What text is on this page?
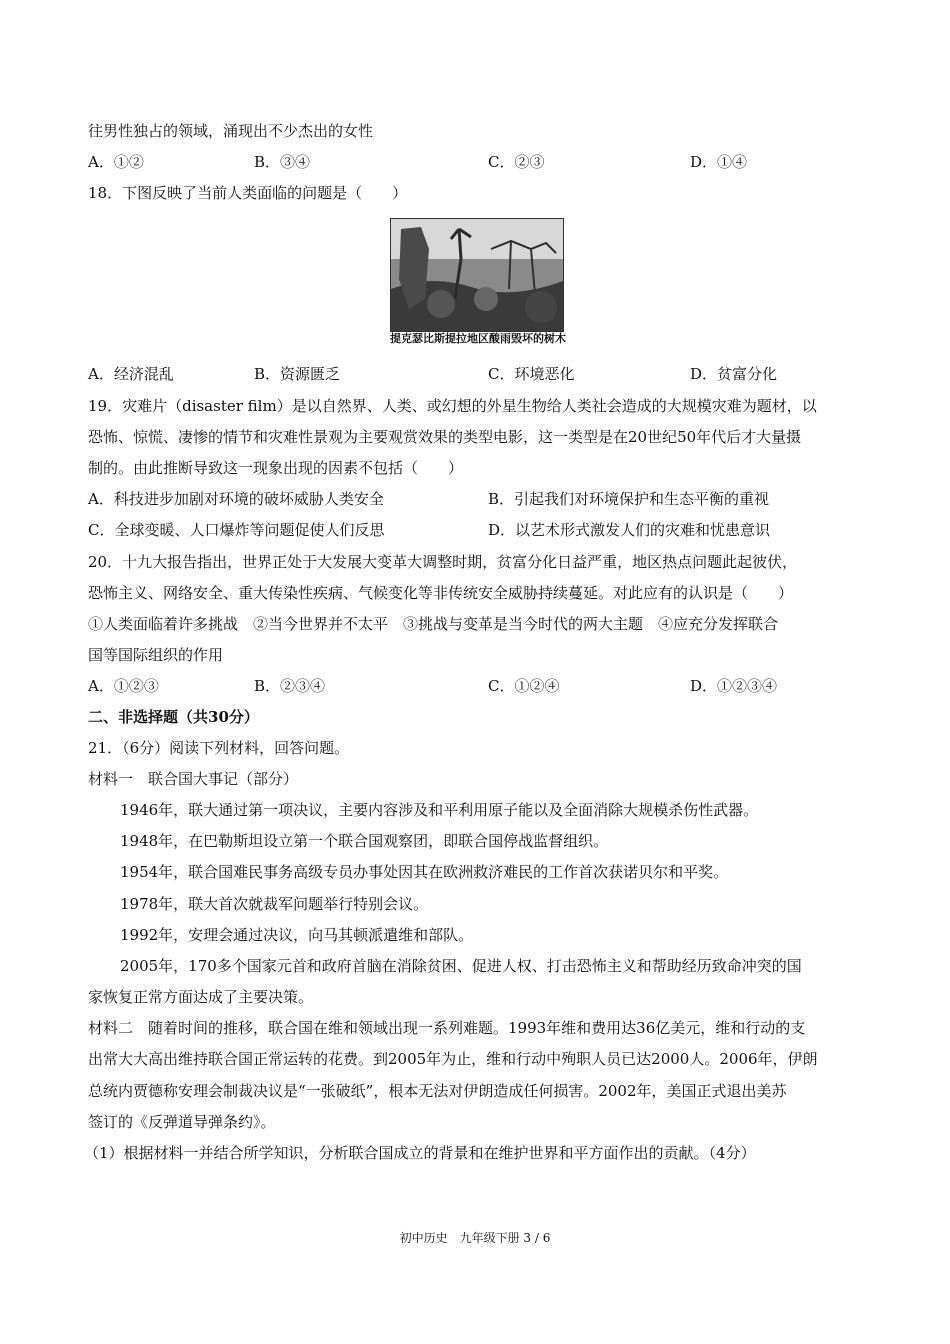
往男性独占的领域，涌现出不少杰出的女性
A．①②	B．③④	C．②③	D．①④
18．下图反映了当前人类面临的问题是（　　）
提克瑟比斯提拉地区酸雨毁坏的树木
A．经济混乱	B．资源匮乏	C．环境恶化	D．贫富分化
19．灾难片（disaster film）是以自然界、人类、或幻想的外星生物给人类社会造成的大规模灾难为题材，以
恐怖、惊慌、凄惨的情节和灾难性景观为主要观赏效果的类型电影，这一类型是在20世纪50年代后才大量摄
制的。由此推断导致这一现象出现的因素不包括（　　）
A．科技进步加剧对环境的破坏威胁人类安全	B．引起我们对环境保护和生态平衡的重视
C．全球变暖、人口爆炸等问题促使人们反思	D．以艺术形式激发人们的灾难和忧患意识
20．十九大报告指出，世界正处于大发展大变革大调整时期，贫富分化日益严重，地区热点问题此起彼伏，
恐怖主义、网络安全、重大传染性疾病、气候变化等非传统安全威胁持续蔓延。对此应有的认识是（　　）
①人类面临着许多挑战　②当今世界并不太平　③挑战与变革是当今时代的两大主题　④应充分发挥联合
国等国际组织的作用
A．①②③	B．②③④	C．①②④	D．①②③④
二、非选择题（共30分）
21．（6分）阅读下列材料，回答问题。
材料一　联合国大事记（部分）
1946年，联大通过第一项决议，主要内容涉及和平利用原子能以及全面消除大规模杀伤性武器。
1948年，在巴勒斯坦设立第一个联合国观察团，即联合国停战监督组织。
1954年，联合国难民事务高级专员办事处因其在欧洲救济难民的工作首次获诺贝尔和平奖。
1978年，联大首次就裁军问题举行特别会议。
1992年，安理会通过决议，向马其顿派遣维和部队。
2005年，170多个国家元首和政府首脑在消除贫困、促进人权、打击恐怖主义和帮助经历致命冲突的国
家恢复正常方面达成了主要决策。
材料二　随着时间的推移，联合国在维和领域出现一系列难题。1993年维和费用达36亿美元，维和行动的支
出常大大高出维持联合国正常运转的花费。到2005年为止，维和行动中殉职人员已达2000人。2006年，伊朗
总统内贾德称安理会制裁决议是“一张破纸”，根本无法对伊朗造成任何损害。2002年，美国正式退出美苏
签订的《反弹道导弹条约》。
（1）根据材料一并结合所学知识，分析联合国成立的背景和在维护世界和平方面作出的贡献。（4分）
初中历史　九年级下册 3 / 6
